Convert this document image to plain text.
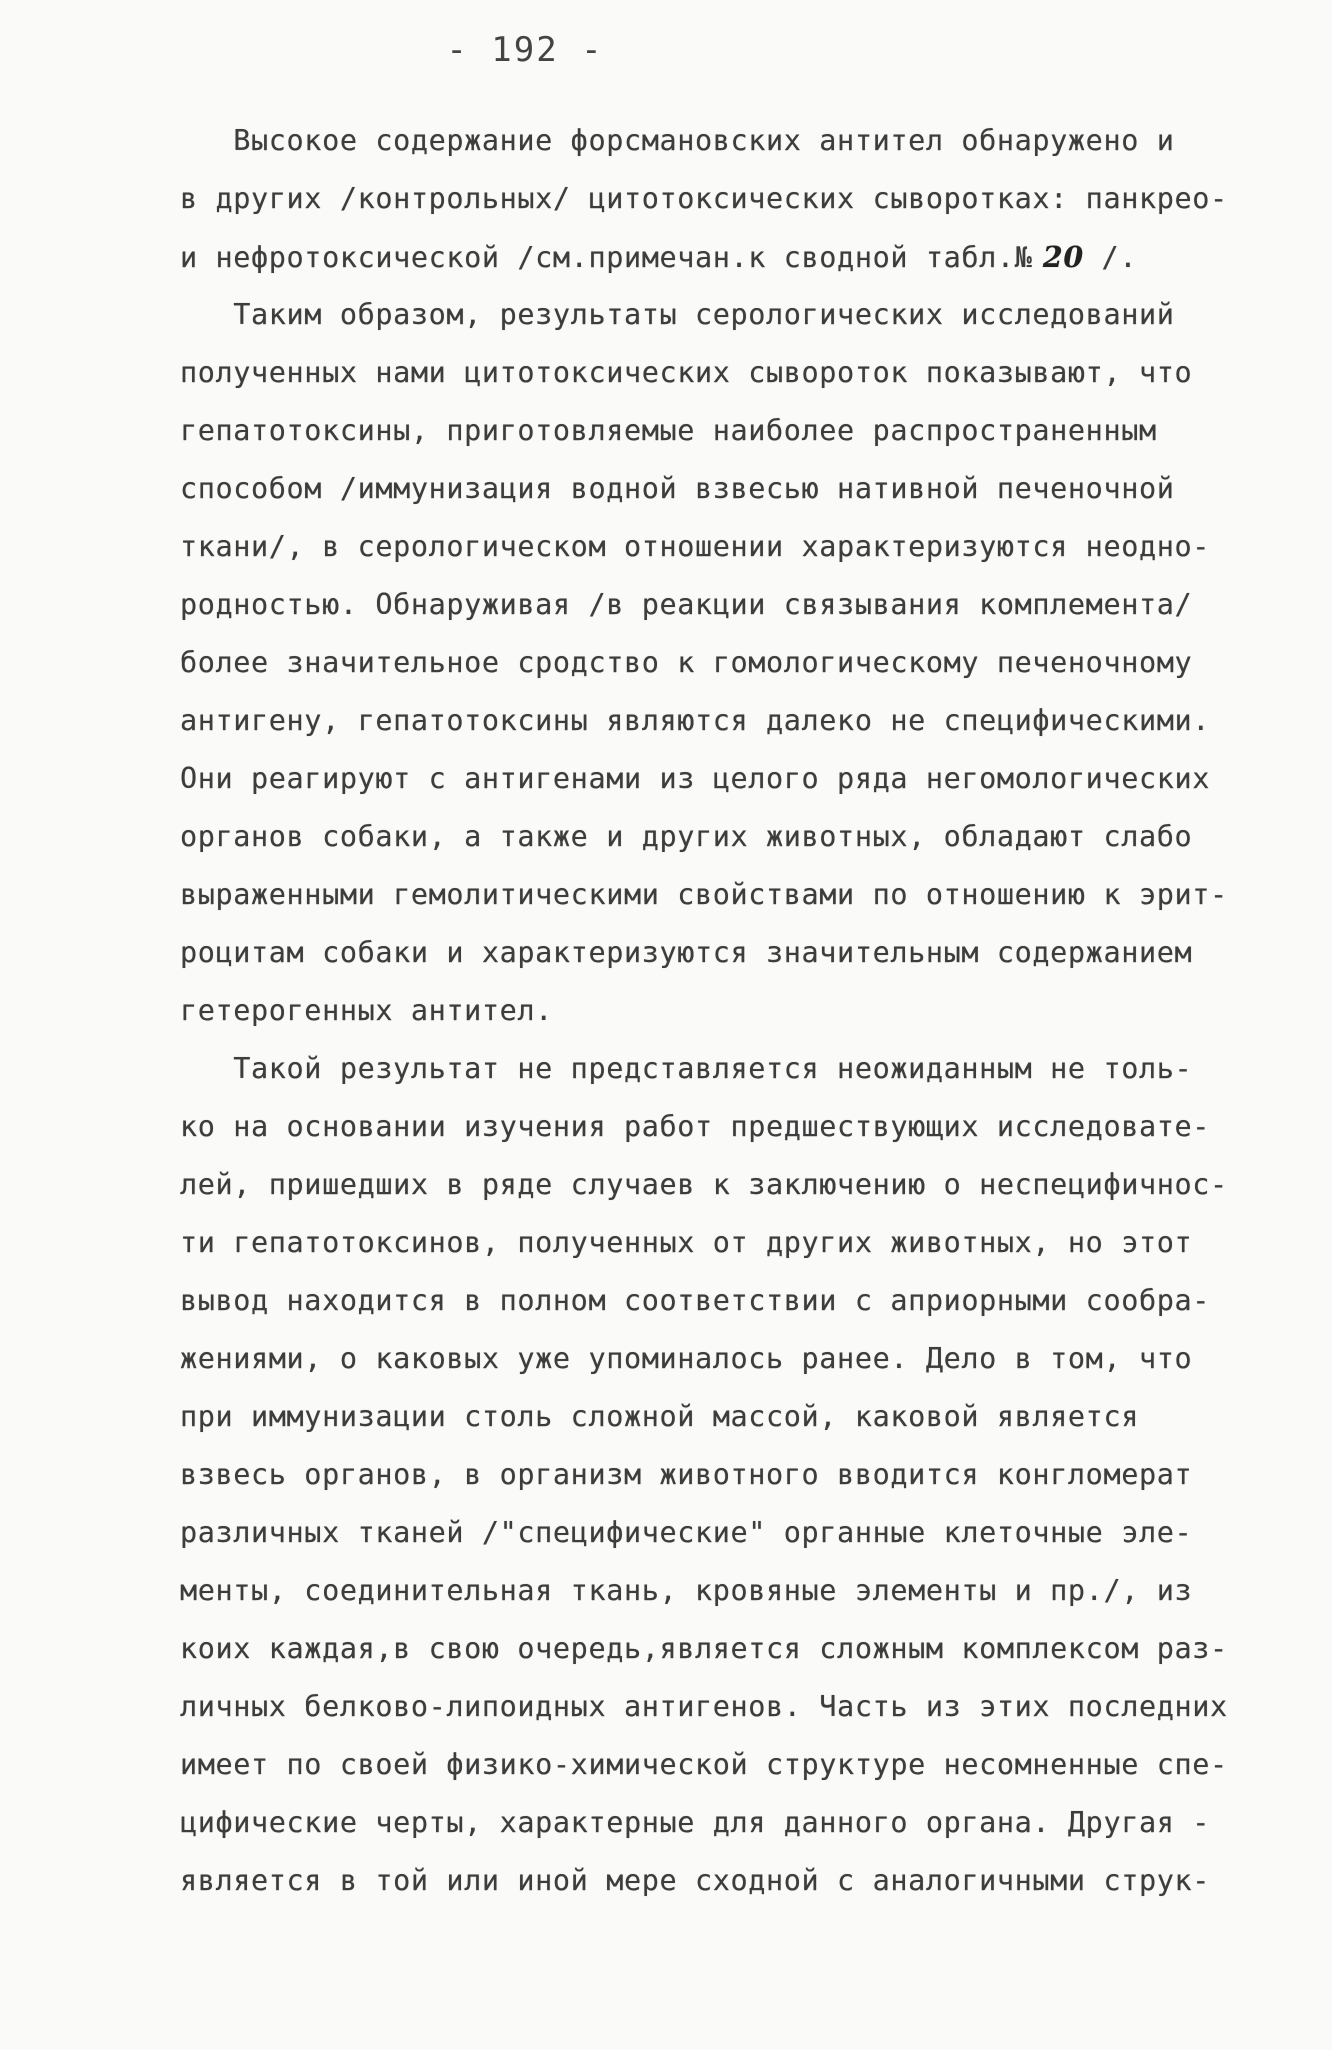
- 192 -
Высокое содержание форсмановских антител обнаружено и
в других /контрольных/ цитотоксических сыворотках: панкрео-
и нефротоксической /см.примечан.к сводной табл.№ 20 /.
Таким образом, результаты серологических исследований
полученных нами цитотоксических сывороток показывают, что
гепатотоксины, приготовляемые наиболее распространенным
способом /иммунизация водной взвесью нативной печеночной
ткани/, в серологическом отношении характеризуются неодно-
родностью. Обнаруживая /в реакции связывания комплемента/
более значительное сродство к гомологическому печеночному
антигену, гепатотоксины являются далеко не специфическими.
Они реагируют с антигенами из целого ряда негомологических
органов собаки, а также и других животных, обладают слабо
выраженными гемолитическими свойствами по отношению к эрит-
роцитам собаки и характеризуются значительным содержанием
гетерогенных антител.
Такой результат не представляется неожиданным не толь-
ко на основании изучения работ предшествующих исследовате-
лей, пришедших в ряде случаев к заключению о неспецифичнос-
ти гепатотоксинов, полученных от других животных, но этот
вывод находится в полном соответствии с априорными сообра-
жениями, о каковых уже упоминалось ранее. Дело в том, что
при иммунизации столь сложной массой, каковой является
взвесь органов, в организм животного вводится конгломерат
различных тканей /"специфические" органные клеточные эле-
менты, соединительная ткань, кровяные элементы и пр./, из
коих каждая,в свою очередь,является сложным комплексом раз-
личных белково-липоидных антигенов. Часть из этих последних
имеет по своей физико-химической структуре несомненные спе-
цифические черты, характерные для данного органа. Другая -
является в той или иной мере сходной с аналогичными струк-
